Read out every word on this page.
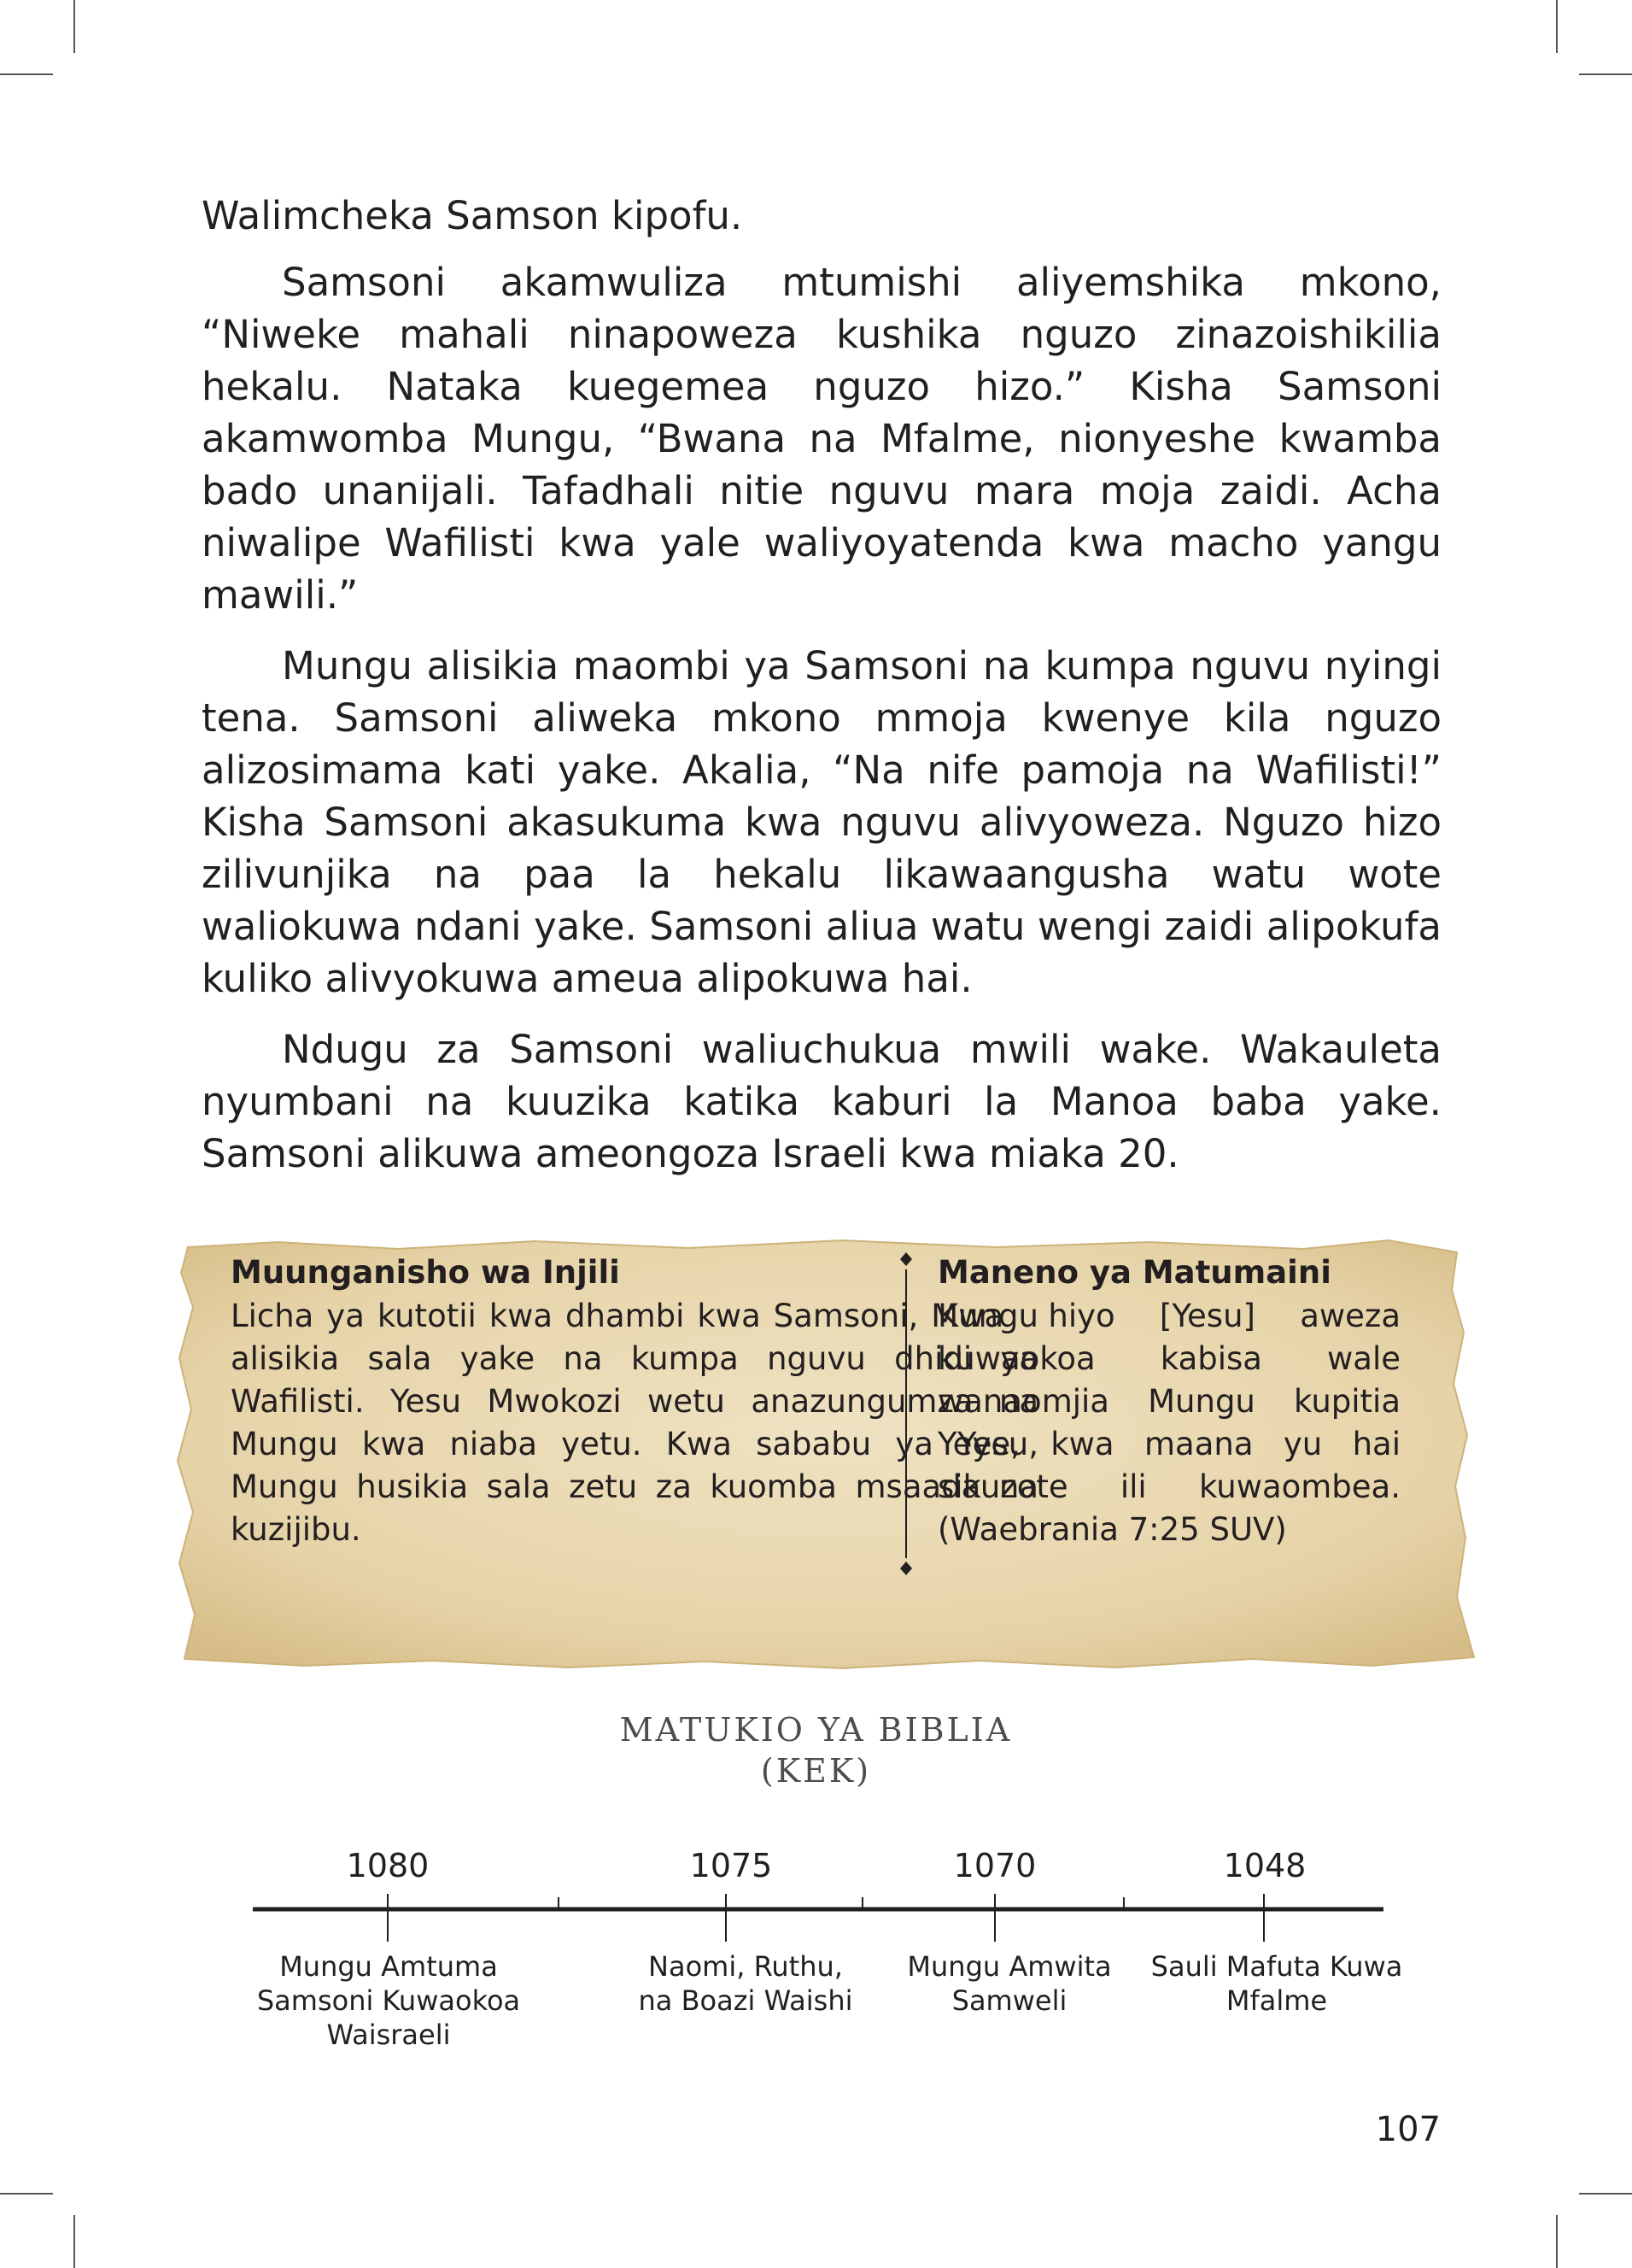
Walimcheka Samson kipofu.

Samsoni akamwuliza mtumishi aliyemshika mkono, “Niweke mahali ninapoweza kushika nguzo zinazoishikilia hekalu. Nataka kuegemea nguzo hizo.” Kisha Samsoni akamwomba Mungu, “Bwana na Mfalme, nionyeshe kwamba bado unanijali. Tafadhali nitie nguvu mara moja zaidi. Acha niwalipe Wafilisti kwa yale waliyoyatenda kwa macho yangu mawili.”

Mungu alisikia maombi ya Samsoni na kumpa nguvu nyingi tena. Samsoni aliweka mkono mmoja kwenye kila nguzo alizosimama kati yake. Akalia, “Na nife pamoja na Wafilisti!” Kisha Samsoni akasukuma kwa nguvu alivyoweza. Nguzo hizo zilivunjika na paa la hekalu likawaangusha watu wote waliokuwa ndani yake. Samsoni aliua watu wengi zaidi alipokufa kuliko alivyokuwa ameua alipokuwa hai.

Ndugu za Samsoni waliuchukua mwili wake. Wakauleta nyumbani na kuuzika katika kaburi la Manoa baba yake. Samsoni alikuwa ameongoza Israeli kwa miaka 20.

Muunganisho wa Injili

Licha ya kutotii kwa dhambi kwa Samsoni, Mungu alisikia sala yake na kumpa nguvu dhidi ya Wafilisti. Yesu Mwokozi wetu anazungumza na Mungu kwa niaba yetu. Kwa sababu ya Yesu, Mungu husikia sala zetu za kuomba msaada na kuzijibu.

Maneno ya Matumaini

Kwa hiyo [Yesu] aweza kuwaokoa kabisa wale wanaomjia Mungu kupitia Yeye, kwa maana yu hai sikuzote ili kuwaombea. (Waebrania 7:25 SUV)

MATUKIO YA BIBLIA
(KEK)
1080	1075	1070	1048
Mungu Amtuma Samsoni Kuwaokoa Waisraeli
Naomi, Ruthu, na Boazi Waishi
Mungu Amwita Samweli
Sauli Mafuta Kuwa Mfalme
107
